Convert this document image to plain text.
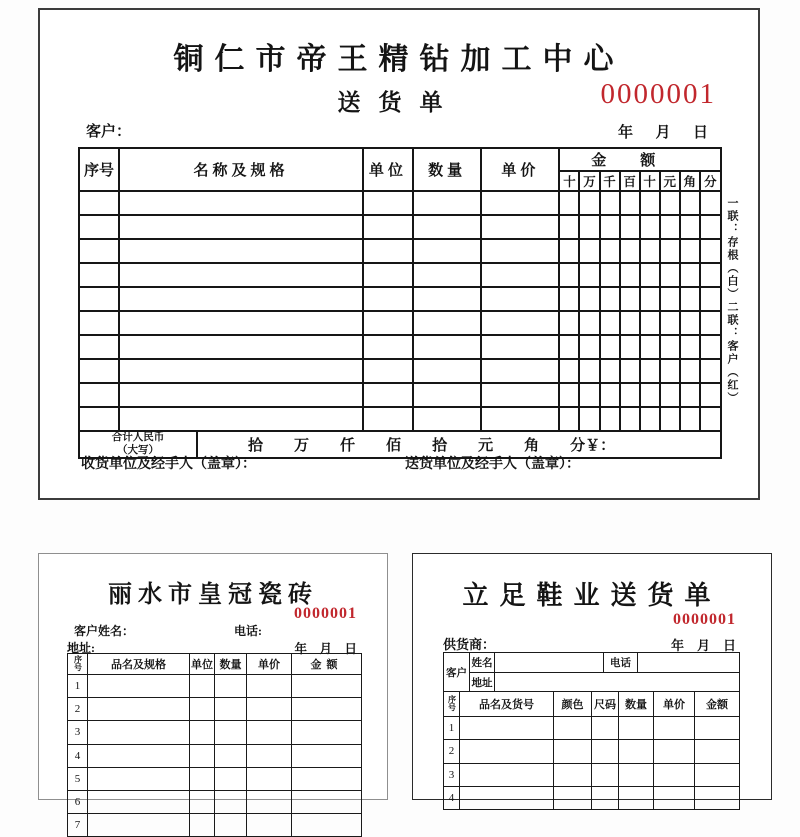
铜仁市帝王精钻加工中心
送货单	0000001
客户：	年      月      日
序号	名称及规格	单位	数量	单价	金额							
					十	万	千	百	十	元	角	分

合计人民币
（大写）	拾 万 仟 佰 拾 元 角 分￥：
收货单位及经手人（盖章）：	送货单位及经手人（盖章）：
一联：存根（白）二联：客户（红）
丽水市皇冠瓷砖
0000001
客户姓名：	电话:
地址:	年    月    日
序号	品名及规格	单位	数量	单价	金额
1					
2					
3					
4					
5					
6					
7					
立足鞋业送货单
0000001
供货商：	年    月    日
客户	姓名		电话	
	地址			
序号	品名及货号	颜色	尺码	数量	单价	金额
1						
2						
3						
4						
